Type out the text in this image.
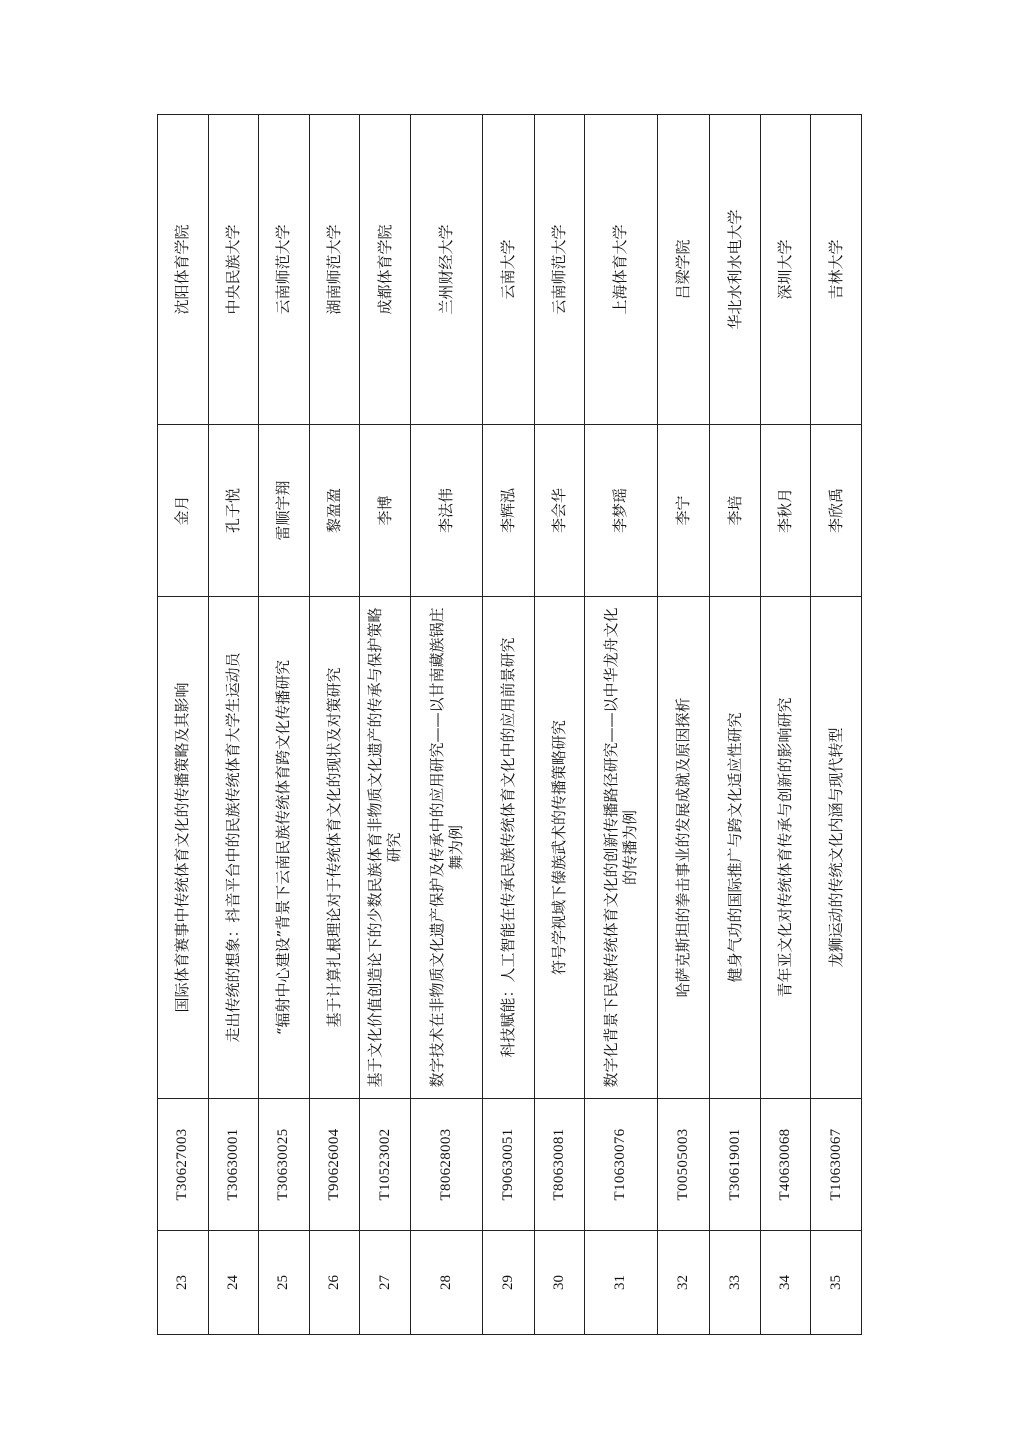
23	T30627003	国际体育赛事中传统体育文化的传播策略及其影响	金月	沈阳体育学院
24	T30630001	走出传统的想象：抖音平台中的民族传统体育大学生运动员	孔子悦	中央民族大学
25	T30630025	“辐射中心建设”背景下云南民族传统体育跨文化传播研究	雷顺宇翔	云南师范大学
26	T90626004	基于计算扎根理论对于传统体育文化的现状及对策研究	黎盈盈	湖南师范大学
27	T10523002	基于文化价值创造论下的少数民族体育非物质文化遗产的传承与保护策略研究	李博	成都体育学院
28	T80628003	数字技术在非物质文化遗产保护及传承中的应用研究——以甘南藏族锅庄舞为例	李法伟	兰州财经大学
29	T90630051	科技赋能：人工智能在传承民族传统体育文化中的应用前景研究	李辉泓	云南大学
30	T80630081	符号学视域下傣族武术的传播策略研究	李会华	云南师范大学
31	T10630076	数字化背景下民族传统体育文化的创新传播路径研究——以中华龙舟文化的传播为例	李梦瑶	上海体育大学
32	T00505003	哈萨克斯坦的拳击事业的发展成就及原因探析	李宁	吕梁学院
33	T30619001	健身气功的国际推广与跨文化适应性研究	李培	华北水利水电大学
34	T40630068	青年亚文化对传统体育传承与创新的影响研究	李秋月	深圳大学
35	T10630067	龙狮运动的传统文化内涵与现代转型	李欣禹	吉林大学
